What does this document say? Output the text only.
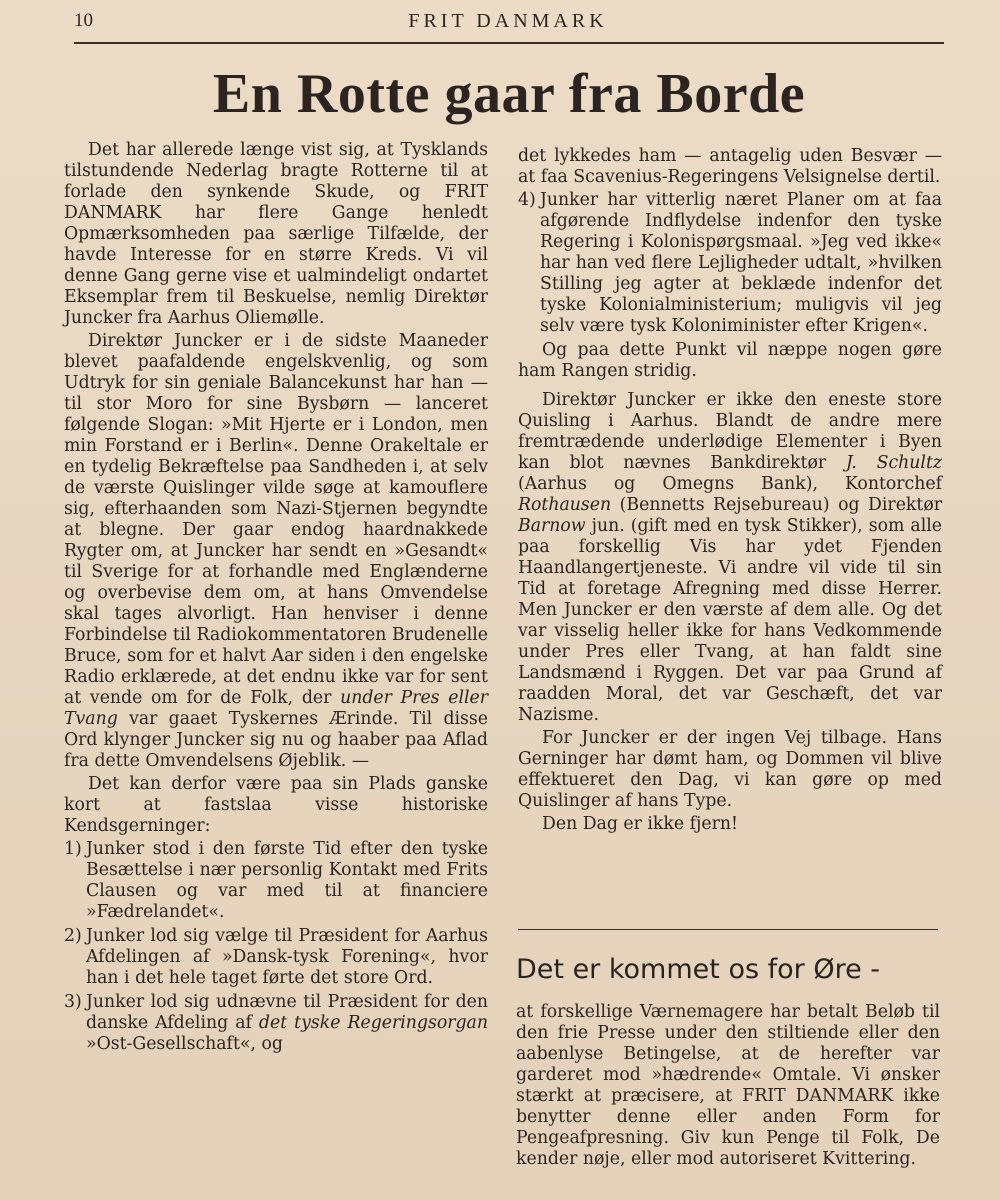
10	FRIT DANMARK
En Rotte gaar fra Borde

Det har allerede længe vist sig, at Tysklands tilstundende Nederlag bragte Rotterne til at forlade den synkende Skude, og FRIT DANMARK har flere Gange henledt Opmærksomheden paa særlige Tilfælde, der havde Interesse for en større Kreds. Vi vil denne Gang gerne vise et ualmindeligt ondartet Eksemplar frem til Beskuelse, nemlig Direktør Juncker fra Aarhus Oliemølle.

Direktør Juncker er i de sidste Maaneder blevet paafaldende engelskvenlig, og som Udtryk for sin geniale Balancekunst har han — til stor Moro for sine Bysbørn — lanceret følgende Slogan: »Mit Hjerte er i London, men min Forstand er i Berlin«. Denne Orakeltale er en tydelig Bekræftelse paa Sandheden i, at selv de værste Quislinger vilde søge at kamouflere sig, efterhaanden som Nazi-Stjernen begyndte at blegne. Der gaar endog haardnakkede Rygter om, at Juncker har sendt en »Gesandt« til Sverige for at forhandle med Englænderne og overbevise dem om, at hans Omvendelse skal tages alvorligt. Han henviser i denne Forbindelse til Radiokommentatoren Brudenelle Bruce, som for et halvt Aar siden i den engelske Radio erklærede, at det endnu ikke var for sent at vende om for de Folk, der under Pres eller Tvang var gaaet Tyskernes Ærinde. Til disse Ord klynger Juncker sig nu og haaber paa Aflad fra dette Omvendelsens Øjeblik. —

Det kan derfor være paa sin Plads ganske kort at fastslaa visse historiske Kendsgerninger:

1) Junker stod i den første Tid efter den tyske Besættelse i nær personlig Kontakt med Frits Clausen og var med til at financiere »Fædrelandet«.
2) Junker lod sig vælge til Præsident for Aarhus Afdelingen af »Dansk-tysk Forening«, hvor han i det hele taget førte det store Ord.
3) Junker lod sig udnævne til Præsident for den danske Afdeling af det tyske Regeringsorgan »Ost-Gesellschaft«, og

det lykkedes ham — antagelig uden Besvær — at faa Scavenius-Regeringens Velsignelse dertil.

4) Junker har vitterlig næret Planer om at faa afgørende Indflydelse indenfor den tyske Regering i Kolonispørgsmaal. »Jeg ved ikke« har han ved flere Lejligheder udtalt, »hvilken Stilling jeg agter at beklæde indenfor det tyske Kolonialministerium; muligvis vil jeg selv være tysk Koloniminister efter Krigen«.

Og paa dette Punkt vil næppe nogen gøre ham Rangen stridig.

Direktør Juncker er ikke den eneste store Quisling i Aarhus. Blandt de andre mere fremtrædende underlødige Elementer i Byen kan blot nævnes Bankdirektør J. Schultz (Aarhus og Omegns Bank), Kontorchef Rothausen (Bennetts Rejsebureau) og Direktør Barnow jun. (gift med en tysk Stikker), som alle paa forskellig Vis har ydet Fjenden Haandlangertjeneste. Vi andre vil vide til sin Tid at foretage Afregning med disse Herrer. Men Juncker er den værste af dem alle. Og det var visselig heller ikke for hans Vedkommende under Pres eller Tvang, at han faldt sine Landsmænd i Ryggen. Det var paa Grund af raadden Moral, det var Geschæft, det var Nazisme.

For Juncker er der ingen Vej tilbage. Hans Gerninger har dømt ham, og Dommen vil blive effektueret den Dag, vi kan gøre op med Quislinger af hans Type.

Den Dag er ikke fjern!

Det er kommet os for Øre -

at forskellige Værnemagere har betalt Beløb til den frie Presse under den stiltiende eller den aabenlyse Betingelse, at de herefter var garderet mod »hædrende« Omtale. Vi ønsker stærkt at præcisere, at FRIT DANMARK ikke benytter denne eller anden Form for Pengeafpresning. Giv kun Penge til Folk, De kender nøje, eller mod autoriseret Kvittering.
